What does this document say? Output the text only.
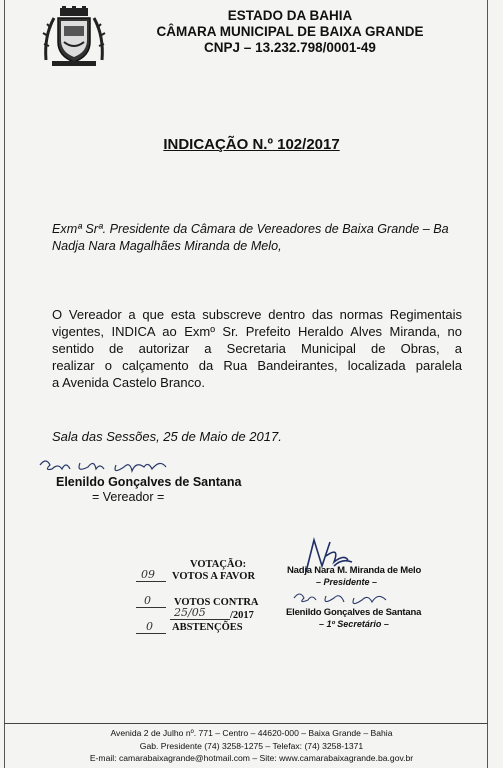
ESTADO DA BAHIA
CÂMARA MUNICIPAL DE BAIXA GRANDE
CNPJ – 13.232.798/0001-49
INDICAÇÃO N.º 102/2017
Exmª Srª. Presidente da Câmara de Vereadores de Baixa Grande – Ba
Nadja Nara Magalhães Miranda de Melo,
O Vereador a que esta subscreve dentro das normas Regimentais
vigentes, INDICA ao Exmº Sr. Prefeito Heraldo Alves Miranda, no
sentido de autorizar a Secretaria Municipal de Obras, a
realizar o calçamento da Rua Bandeirantes, localizada paralela
a Avenida Castelo Branco.
Sala das Sessões, 25 de Maio de 2017.
Elenildo Gonçalves de Santana
= Vereador =
VOTAÇÃO:
09 VOTOS A FAVOR
0 VOTOS CONTRA
25/05 /2017
0 ABSTENÇÕES
Nadja Nara M. Miranda de Melo
– Presidente –
Elenildo Gonçalves de Santana
– 1º Secretário –
Avenida 2 de Julho nº. 771 – Centro – 44620-000 – Baixa Grande – Bahia
Gab. Presidente (74) 3258-1275 – Telefax: (74) 3258-1371
E-mail: camarabaixagrande@hotmail.com – Site: www.camarabaixagrande.ba.gov.br
